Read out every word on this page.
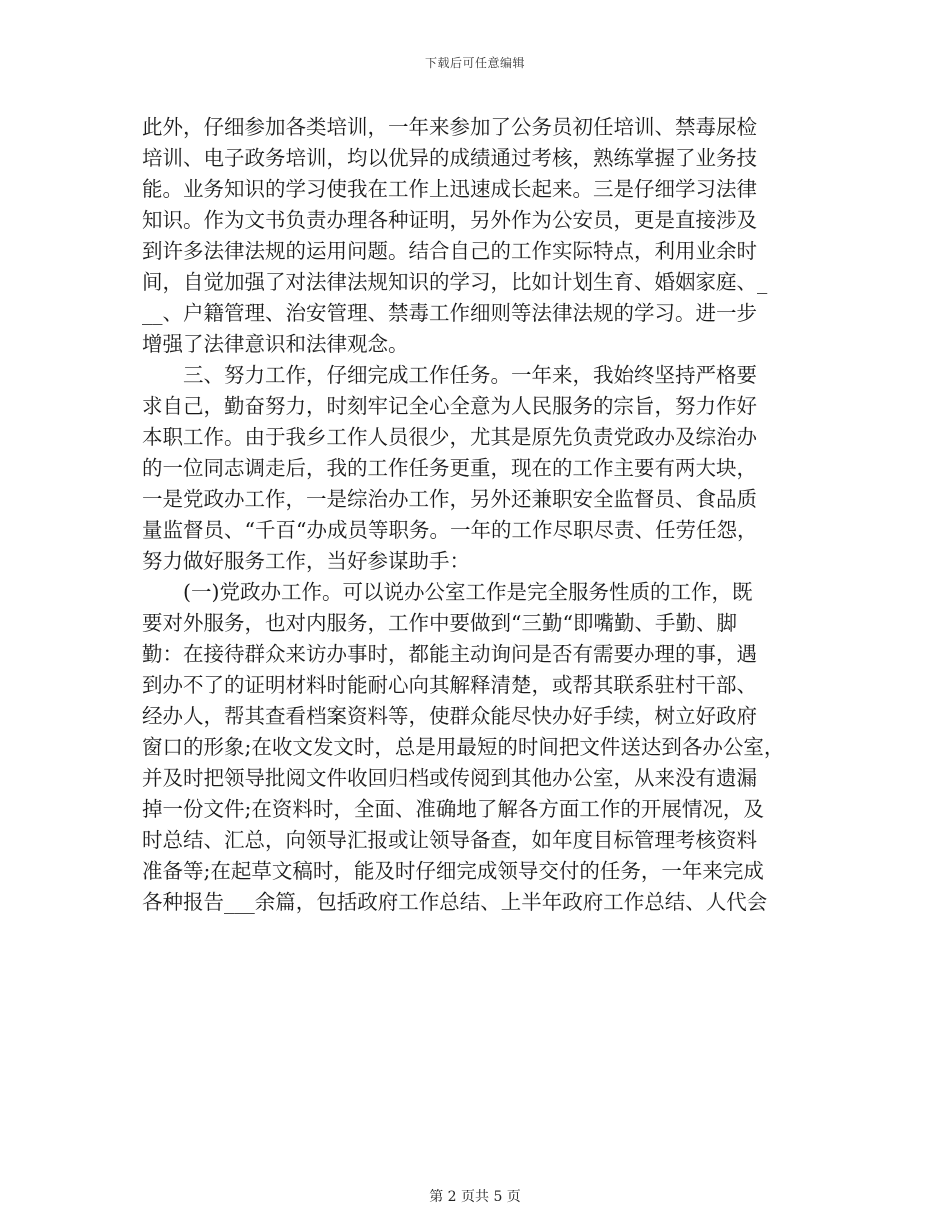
下载后可任意编辑
此外，仔细参加各类培训，一年来参加了公务员初任培训、禁毒尿检
培训、电子政务培训，均以优异的成绩通过考核，熟练掌握了业务技
能。业务知识的学习使我在工作上迅速成长起来。三是仔细学习法律
知识。作为文书负责办理各种证明，另外作为公安员，更是直接涉及
到许多法律法规的运用问题。结合自己的工作实际特点，利用业余时
间，自觉加强了对法律法规知识的学习，比如计划生育、婚姻家庭、_
__、户籍管理、治安管理、禁毒工作细则等法律法规的学习。进一步
增强了法律意识和法律观念。
　　三、努力工作，仔细完成工作任务。一年来，我始终坚持严格要
求自己，勤奋努力，时刻牢记全心全意为人民服务的宗旨，努力作好
本职工作。由于我乡工作人员很少，尤其是原先负责党政办及综治办
的一位同志调走后，我的工作任务更重，现在的工作主要有两大块，
一是党政办工作，一是综治办工作，另外还兼职安全监督员、食品质
量监督员、“千百“办成员等职务。一年的工作尽职尽责、任劳任怨，
努力做好服务工作，当好参谋助手：
　　(一)党政办工作。可以说办公室工作是完全服务性质的工作，既
要对外服务，也对内服务，工作中要做到“三勤“即嘴勤、手勤、脚
勤：在接待群众来访办事时，都能主动询问是否有需要办理的事，遇
到办不了的证明材料时能耐心向其解释清楚，或帮其联系驻村干部、
经办人，帮其查看档案资料等，使群众能尽快办好手续，树立好政府
窗口的形象;在收文发文时，总是用最短的时间把文件送达到各办公室，
并及时把领导批阅文件收回归档或传阅到其他办公室，从来没有遗漏
掉一份文件;在资料时，全面、准确地了解各方面工作的开展情况，及
时总结、汇总，向领导汇报或让领导备查，如年度目标管理考核资料
准备等;在起草文稿时，能及时仔细完成领导交付的任务，一年来完成
各种报告___余篇，包括政府工作总结、上半年政府工作总结、人代会
第 2 页共 5 页
